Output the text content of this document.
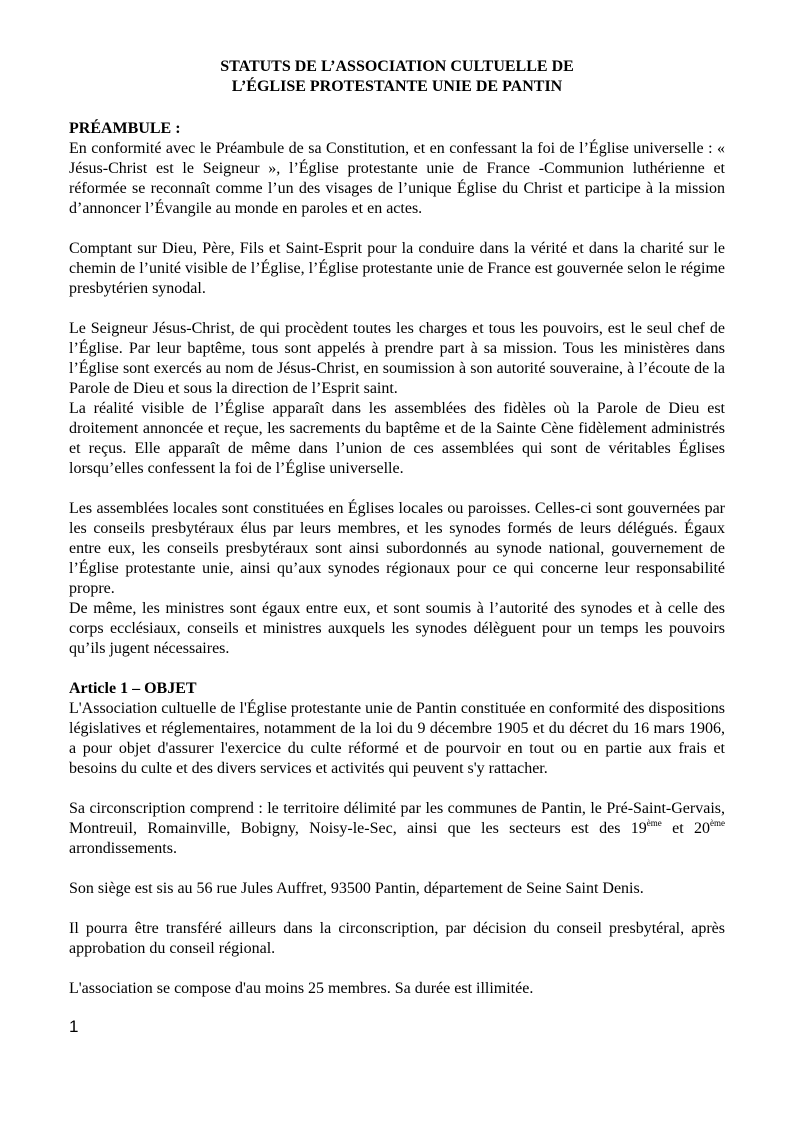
STATUTS DE L’ASSOCIATION CULTUELLE DE
L’ÉGLISE PROTESTANTE UNIE DE PANTIN
PRÉAMBULE :

En conformité avec le Préambule de sa Constitution, et en confessant la foi de l’Église universelle : « Jésus-Christ est le Seigneur », l’Église protestante unie de France -Communion luthérienne et réformée se reconnaît comme l’un des visages de l’unique Église du Christ et participe à la mission d’annoncer l’Évangile au monde en paroles et en actes.

Comptant sur Dieu, Père, Fils et Saint-Esprit pour la conduire dans la vérité et dans la charité sur le chemin de l’unité visible de l’Église, l’Église protestante unie de France est gouvernée selon le régime presbytérien synodal.

Le Seigneur Jésus-Christ, de qui procèdent toutes les charges et tous les pouvoirs, est le seul chef de l’Église. Par leur baptême, tous sont appelés à prendre part à sa mission. Tous les ministères dans l’Église sont exercés au nom de Jésus-Christ, en soumission à son autorité souveraine, à l’écoute de la Parole de Dieu et sous la direction de l’Esprit saint.

La réalité visible de l’Église apparaît dans les assemblées des fidèles où la Parole de Dieu est droitement annoncée et reçue, les sacrements du baptême et de la Sainte Cène fidèlement administrés et reçus. Elle apparaît de même dans l’union de ces assemblées qui sont de véritables Églises lorsqu’elles confessent la foi de l’Église universelle.

Les assemblées locales sont constituées en Églises locales ou paroisses. Celles-ci sont gouvernées par les conseils presbytéraux élus par leurs membres, et les synodes formés de leurs délégués. Égaux entre eux, les conseils presbytéraux sont ainsi subordonnés au synode national, gouvernement de l’Église protestante unie, ainsi qu’aux synodes régionaux pour ce qui concerne leur responsabilité propre.

De même, les ministres sont égaux entre eux, et sont soumis à l’autorité des synodes et à celle des corps ecclésiaux, conseils et ministres auxquels les synodes délèguent pour un temps les pouvoirs qu’ils jugent nécessaires.

Article 1 – OBJET

L'Association cultuelle de l'Église protestante unie de Pantin constituée en conformité des dispositions législatives et réglementaires, notamment de la loi du 9 décembre 1905 et du décret du 16 mars 1906, a pour objet d'assurer l'exercice du culte réformé et de pourvoir en tout ou en partie aux frais et besoins du culte et des divers services et activités qui peuvent s'y rattacher.

Sa circonscription comprend : le territoire délimité par les communes de Pantin, le Pré-Saint-Gervais, Montreuil, Romainville, Bobigny, Noisy-le-Sec, ainsi que les secteurs est des 19ème et 20ème arrondissements.

Son siège est sis au 56 rue Jules Auffret, 93500 Pantin, département de Seine Saint Denis.

Il pourra être transféré ailleurs dans la circonscription, par décision du conseil presbytéral, après approbation du conseil régional.

L'association se compose d'au moins 25 membres. Sa durée est illimitée.

1
